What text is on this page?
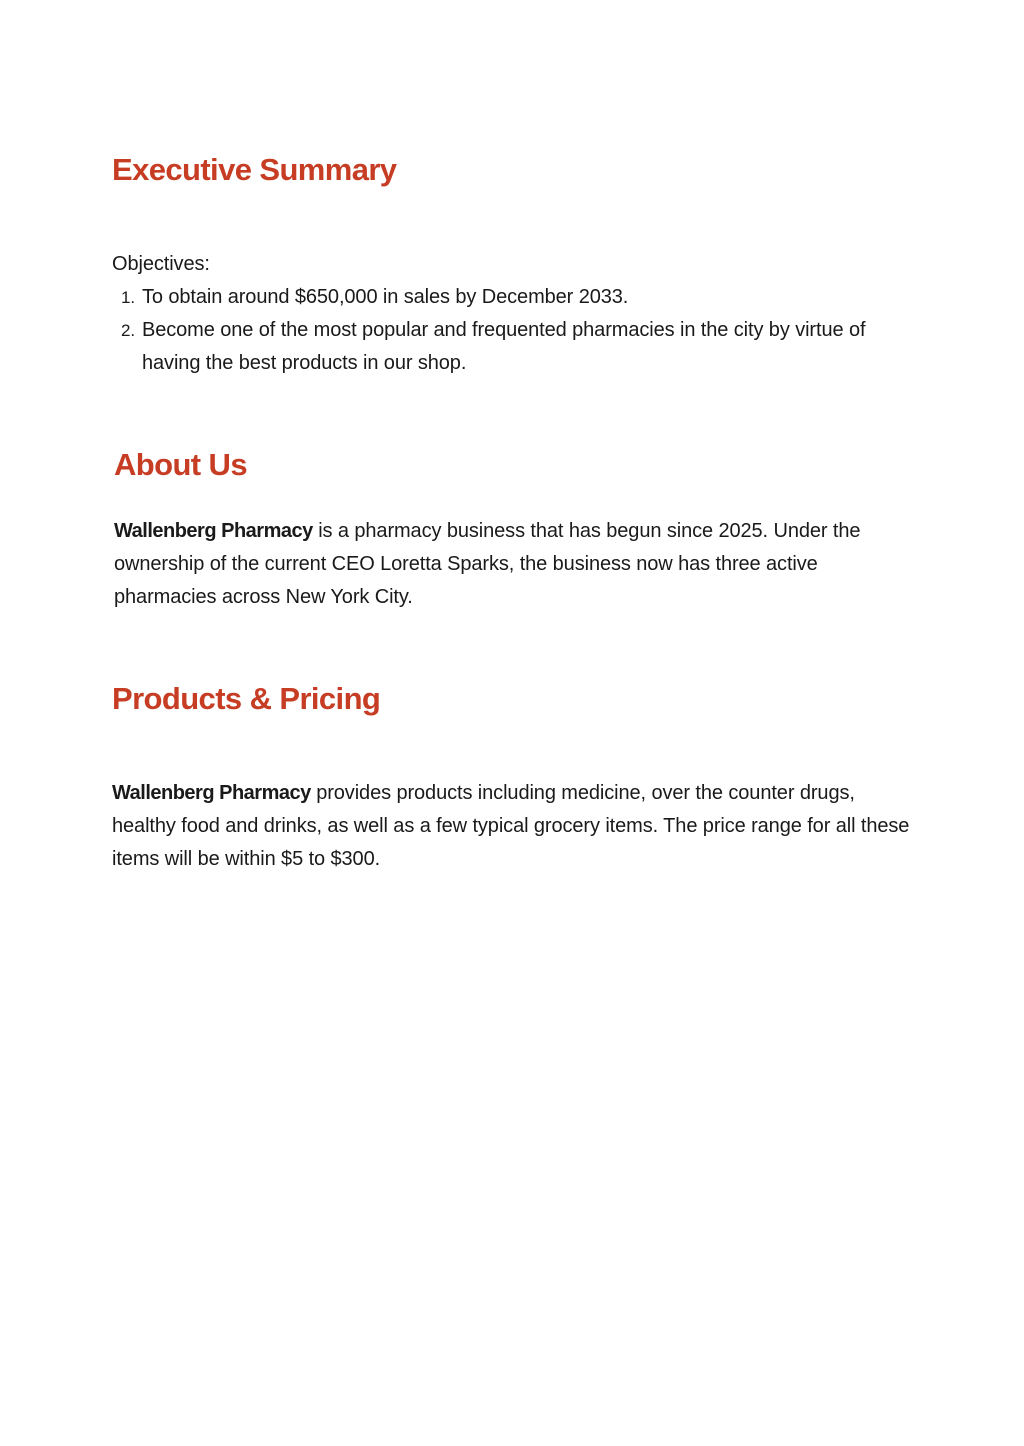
Executive Summary

Objectives:

1. To obtain around $650,000 in sales by December 2033.
2. Become one of the most popular and frequented pharmacies in the city by virtue of having the best products in our shop.
About Us

Wallenberg Pharmacy is a pharmacy business that has begun since 2025. Under the ownership of the current CEO Loretta Sparks, the business now has three active pharmacies across New York City.

Products & Pricing

Wallenberg Pharmacy provides products including medicine, over the counter drugs, healthy food and drinks, as well as a few typical grocery items. The price range for all these items will be within $5 to $300.
